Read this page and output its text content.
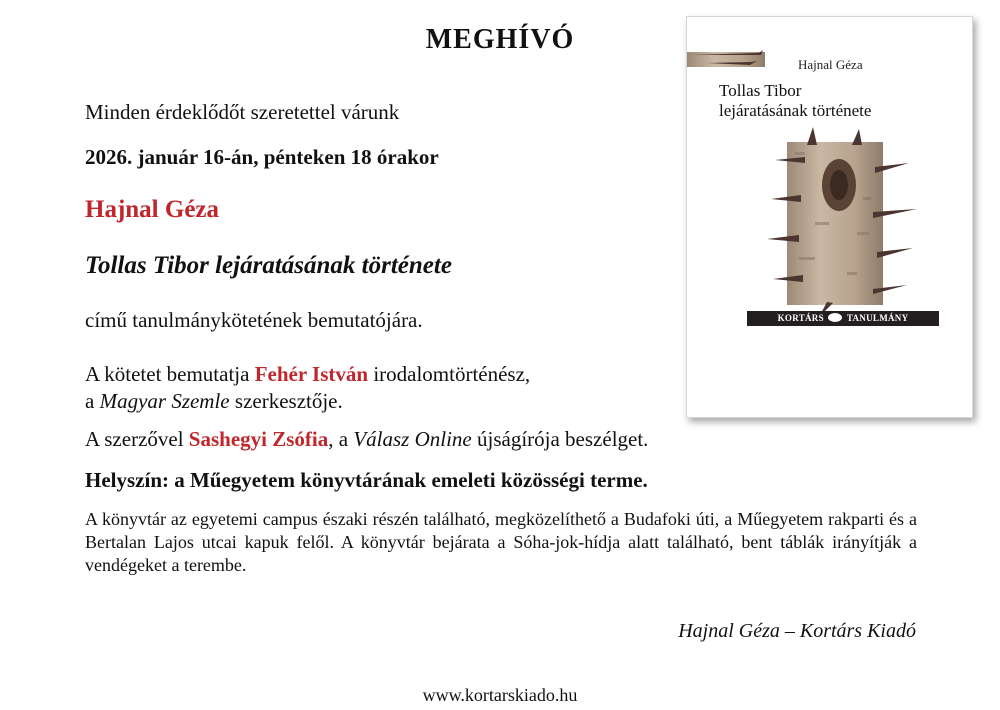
MEGHÍVÓ
Minden érdeklődőt szeretettel várunk
2026. január 16-án, pénteken 18 órakor
Hajnal Géza
Tollas Tibor lejáratásának története
című tanulmánykötetének bemutatójára.
A kötetet bemutatja Fehér István irodalomtörténész,
a Magyar Szemle szerkesztője.
A szerzővel Sashegyi Zsófia, a Válasz Online újságírója beszélget.
Helyszín: a Műegyetem könyvtárának emeleti közösségi terme.
A könyvtár az egyetemi campus északi részén található, megközelíthető a Budafoki úti, a Műegyetem rakparti és a Bertalan Lajos utcai kapuk felől. A könyvtár bejárata a Sóha-jok-hídja alatt található, bent táblák irányítják a vendégeket a terembe.
Hajnal Géza – Kortárs Kiadó
www.kortarskiado.hu
Hajnal Géza
Tollas Tibor
lejáratásának története
KORTÁRS	TANULMÁNY
